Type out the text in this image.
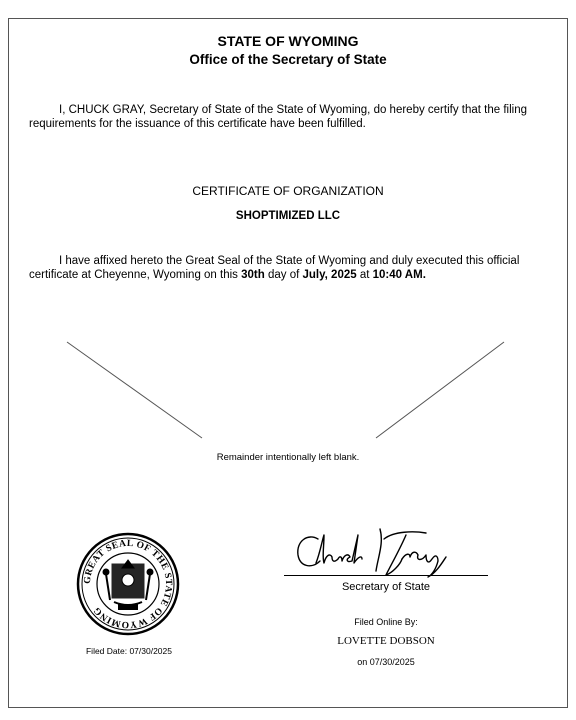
STATE OF WYOMING
Office of the Secretary of State
I, CHUCK GRAY, Secretary of State of the State of Wyoming, do hereby certify that the filing requirements for the issuance of this certificate have been fulfilled.
CERTIFICATE OF ORGANIZATION
SHOPTIMIZED LLC
I have affixed hereto the Great Seal of the State of Wyoming and duly executed this official certificate at Cheyenne, Wyoming on this 30th day of July, 2025 at 10:40 AM.
Remainder intentionally left blank.
GREAT SEAL OF THE STATE OF WYOMING
Filed Date: 07/30/2025
Secretary of State
Filed Online By:
LOVETTE DOBSON
on 07/30/2025
